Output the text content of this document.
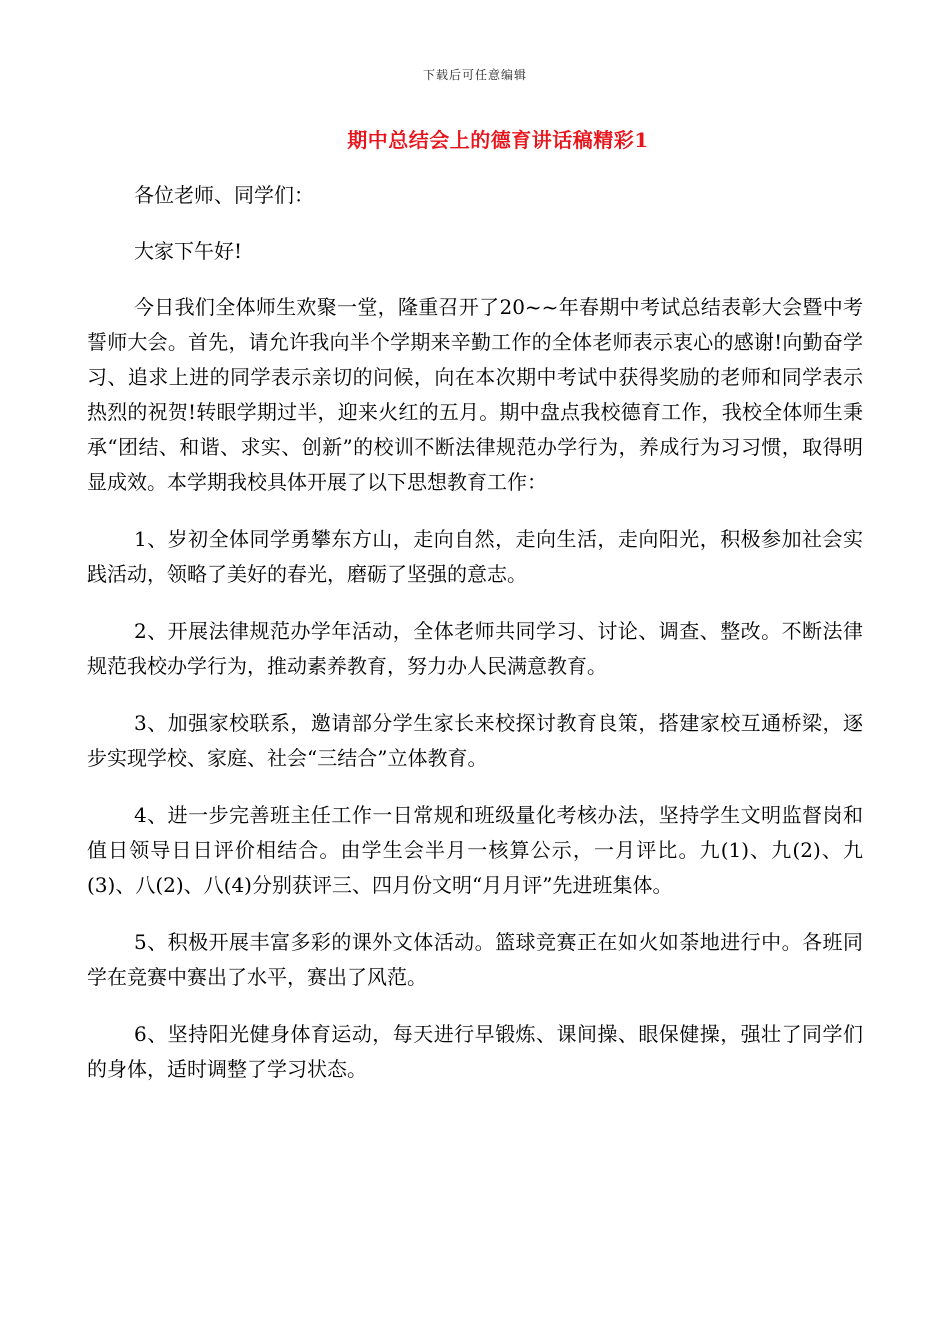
下载后可任意编辑
期中总结会上的德育讲话稿精彩1

各位老师、同学们：

大家下午好!

今日我们全体师生欢聚一堂，隆重召开了20~~年春期中考试总结表彰大会暨中考誓师大会。首先，请允许我向半个学期来辛勤工作的全体老师表示衷心的感谢!向勤奋学习、追求上进的同学表示亲切的问候，向在本次期中考试中获得奖励的老师和同学表示热烈的祝贺!转眼学期过半，迎来火红的五月。期中盘点我校德育工作，我校全体师生秉承“团结、和谐、求实、创新”的校训不断法律规范办学行为，养成行为习习惯，取得明显成效。本学期我校具体开展了以下思想教育工作：

1、岁初全体同学勇攀东方山，走向自然，走向生活，走向阳光，积极参加社会实践活动，领略了美好的春光，磨砺了坚强的意志。

2、开展法律规范办学年活动，全体老师共同学习、讨论、调查、整改。不断法律规范我校办学行为，推动素养教育，努力办人民满意教育。

3、加强家校联系，邀请部分学生家长来校探讨教育良策，搭建家校互通桥梁，逐步实现学校、家庭、社会“三结合”立体教育。

4、进一步完善班主任工作一日常规和班级量化考核办法，坚持学生文明监督岗和值日领导日日评价相结合。由学生会半月一核算公示，一月评比。九(1)、九(2)、九(3)、八(2)、八(4)分别获评三、四月份文明“月月评”先进班集体。

5、积极开展丰富多彩的课外文体活动。篮球竞赛正在如火如荼地进行中。各班同学在竞赛中赛出了水平，赛出了风范。

6、坚持阳光健身体育运动，每天进行早锻炼、课间操、眼保健操，强壮了同学们的身体，适时调整了学习状态。
